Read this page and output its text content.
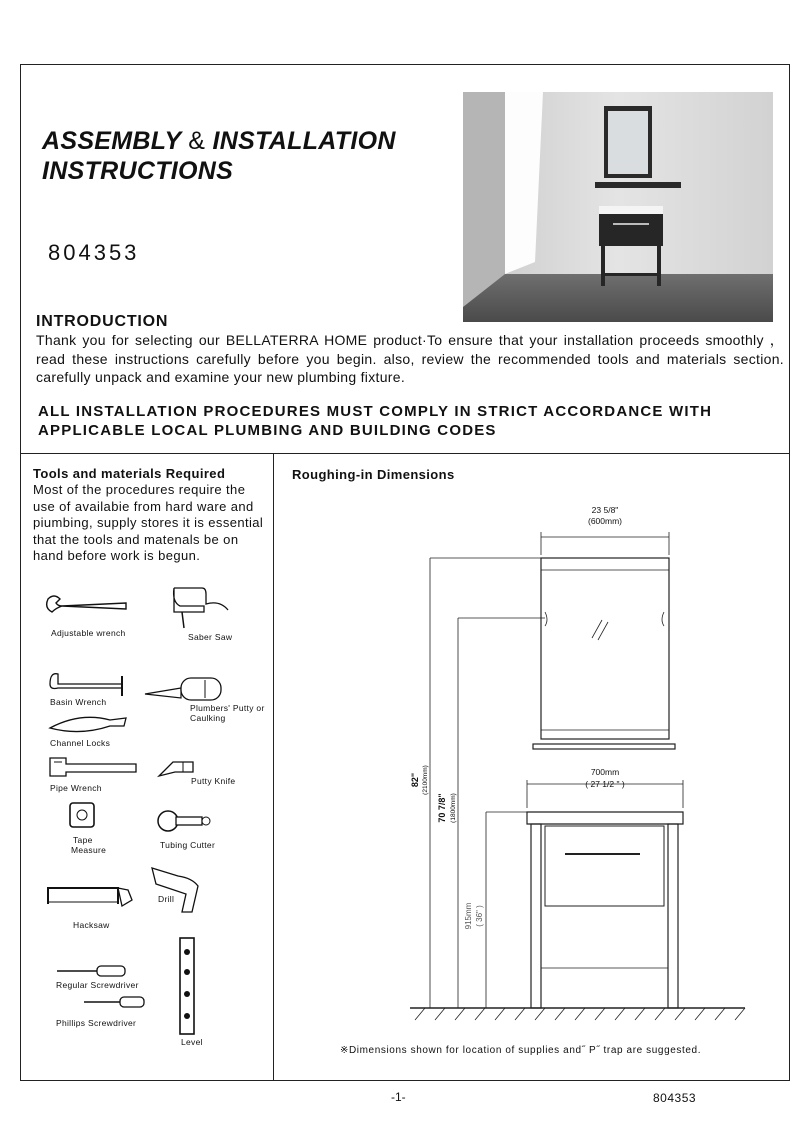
ASSEMBLY & INSTALLATION
INSTRUCTIONS
804353
INTRODUCTION

Thank you for selecting our BELLATERRA HOME product·To ensure that your installation proceeds smoothly ， read these instructions carefully before you begin. also, review the recommended tools and materials section. carefully unpack and examine your new plumbing fixture.

ALL INSTALLATION PROCEDURES MUST COMPLY IN STRICT ACCORDANCE WITH APPLICABLE LOCAL PLUMBING AND BUILDING CODES

Tools and materials Required

Most of the procedures require the use of availabie from hard ware and piumbing, supply stores it is essential that the tools and matenals be on hand before work is begun.

Adjustable wrench	Saber Saw
Basin Wrench
Plumbers' Putty or
Caulking
Channel Locks
Pipe Wrench
Putty Knife
Tape
Measure	Tubing Cutter
Drill
Hacksaw
Regular Screwdriver
Phillips Screwdriver
Level
Roughing-in Dimensions
23 5/8"
(600mm)
700mm
( 27 1/2 " )
82" (2100mm)
70 7/8" (1800mm)
915mm ( 36" )
※Dimensions shown for location of supplies and˝ P˝ trap are suggested.
-1-	804353
